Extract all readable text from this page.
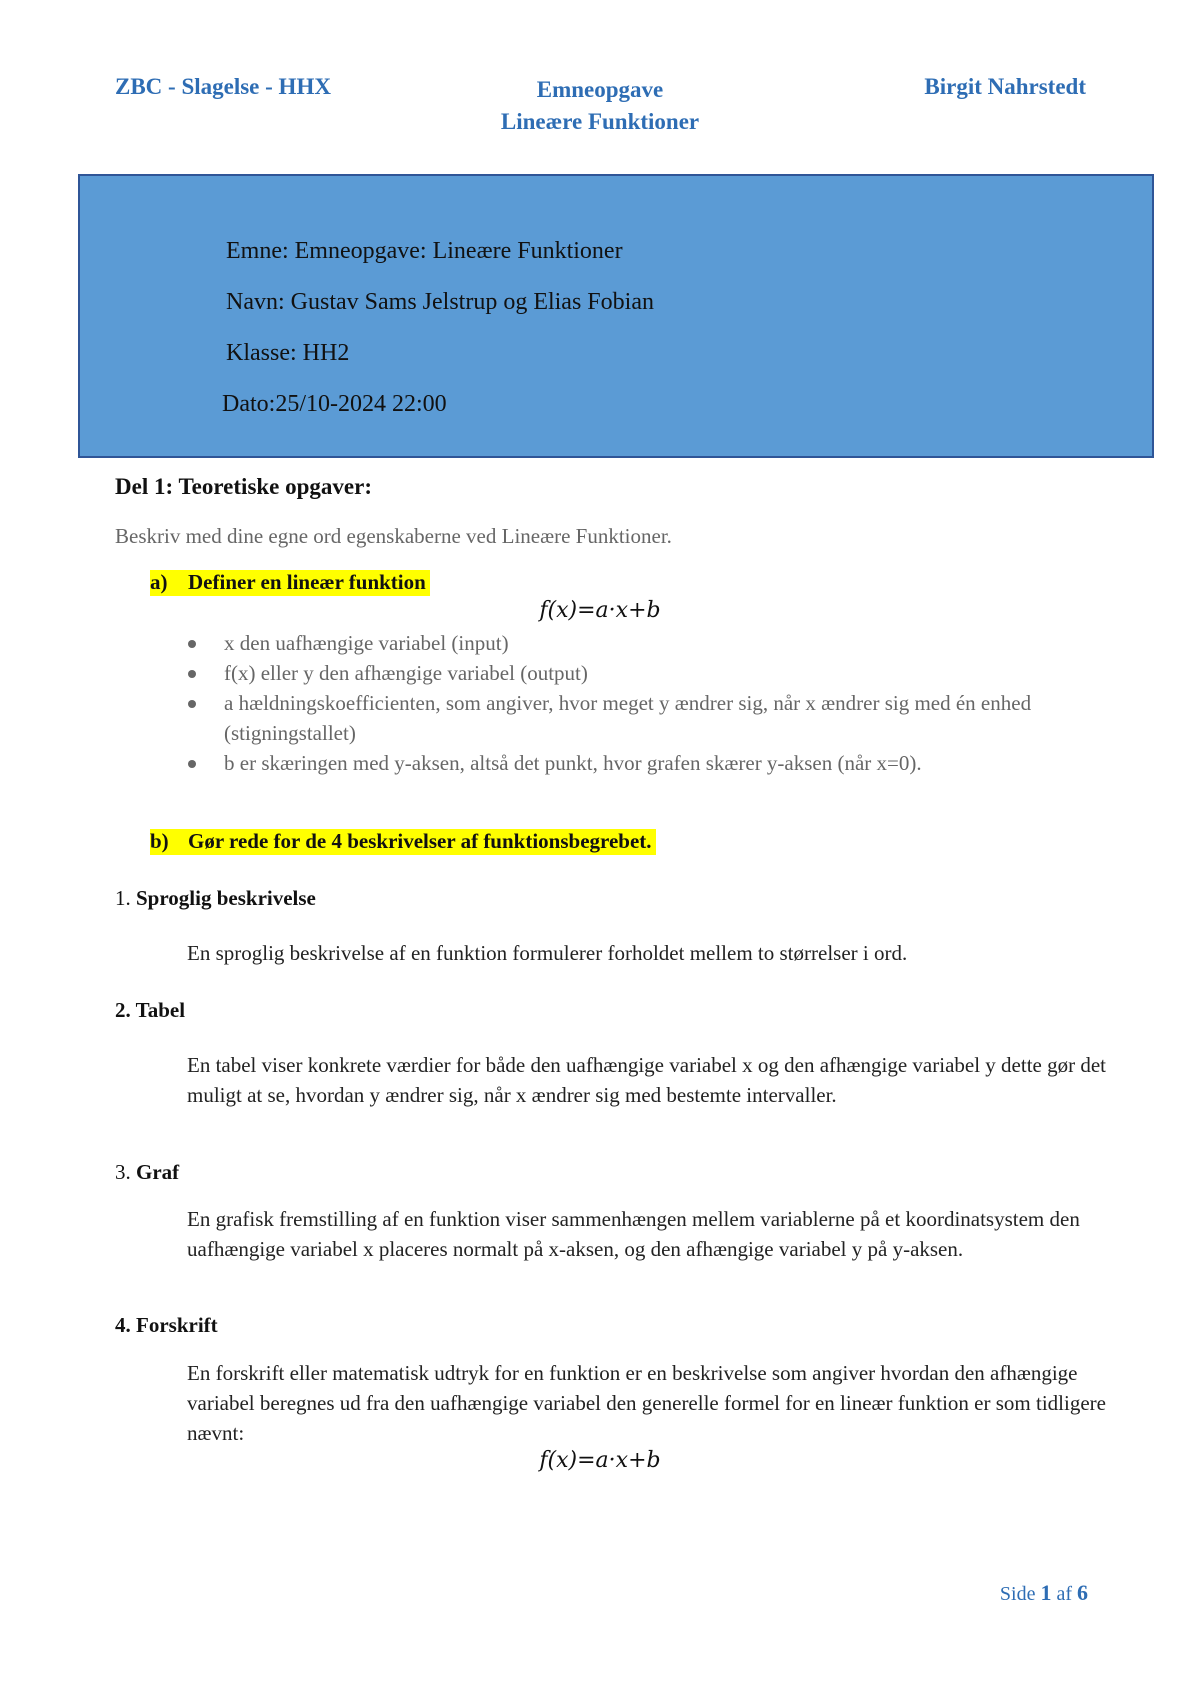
ZBC - Slagelse - HHX	Emneopgave
Lineære Funktioner
Birgit Nahrstedt
Emne: Emneopgave: Lineære Funktioner
Navn: Gustav Sams Jelstrup og Elias Fobian
Klasse: HH2
Dato:25/10-2024 22:00
Del 1: Teoretiske opgaver:
Beskriv med dine egne ord egenskaberne ved Lineære Funktioner.
a) Definer en lineær funktion
f(x)=a·x+b
x den uafhængige variabel (input)
f(x) eller y den afhængige variabel (output)
a hældningskoefficienten, som angiver, hvor meget y ændrer sig, når x ændrer sig med én enhed (stigningstallet)
b er skæringen med y-aksen, altså det punkt, hvor grafen skærer y-aksen (når x=0).
b) Gør rede for de 4 beskrivelser af funktionsbegrebet.
1. Sproglig beskrivelse
En sproglig beskrivelse af en funktion formulerer forholdet mellem to størrelser i ord.
2. Tabel
En tabel viser konkrete værdier for både den uafhængige variabel x og den afhængige variabel y dette gør det muligt at se, hvordan y ændrer sig, når x ændrer sig med bestemte intervaller.
3. Graf
En grafisk fremstilling af en funktion viser sammenhængen mellem variablerne på et koordinatsystem den uafhængige variabel x placeres normalt på x-aksen, og den afhængige variabel y på y-aksen.
4. Forskrift
En forskrift eller matematisk udtryk for en funktion er en beskrivelse som angiver hvordan den afhængige variabel beregnes ud fra den uafhængige variabel den generelle formel for en lineær funktion er som tidligere nævnt:
f(x)=a·x+b
Side 1 af 6
